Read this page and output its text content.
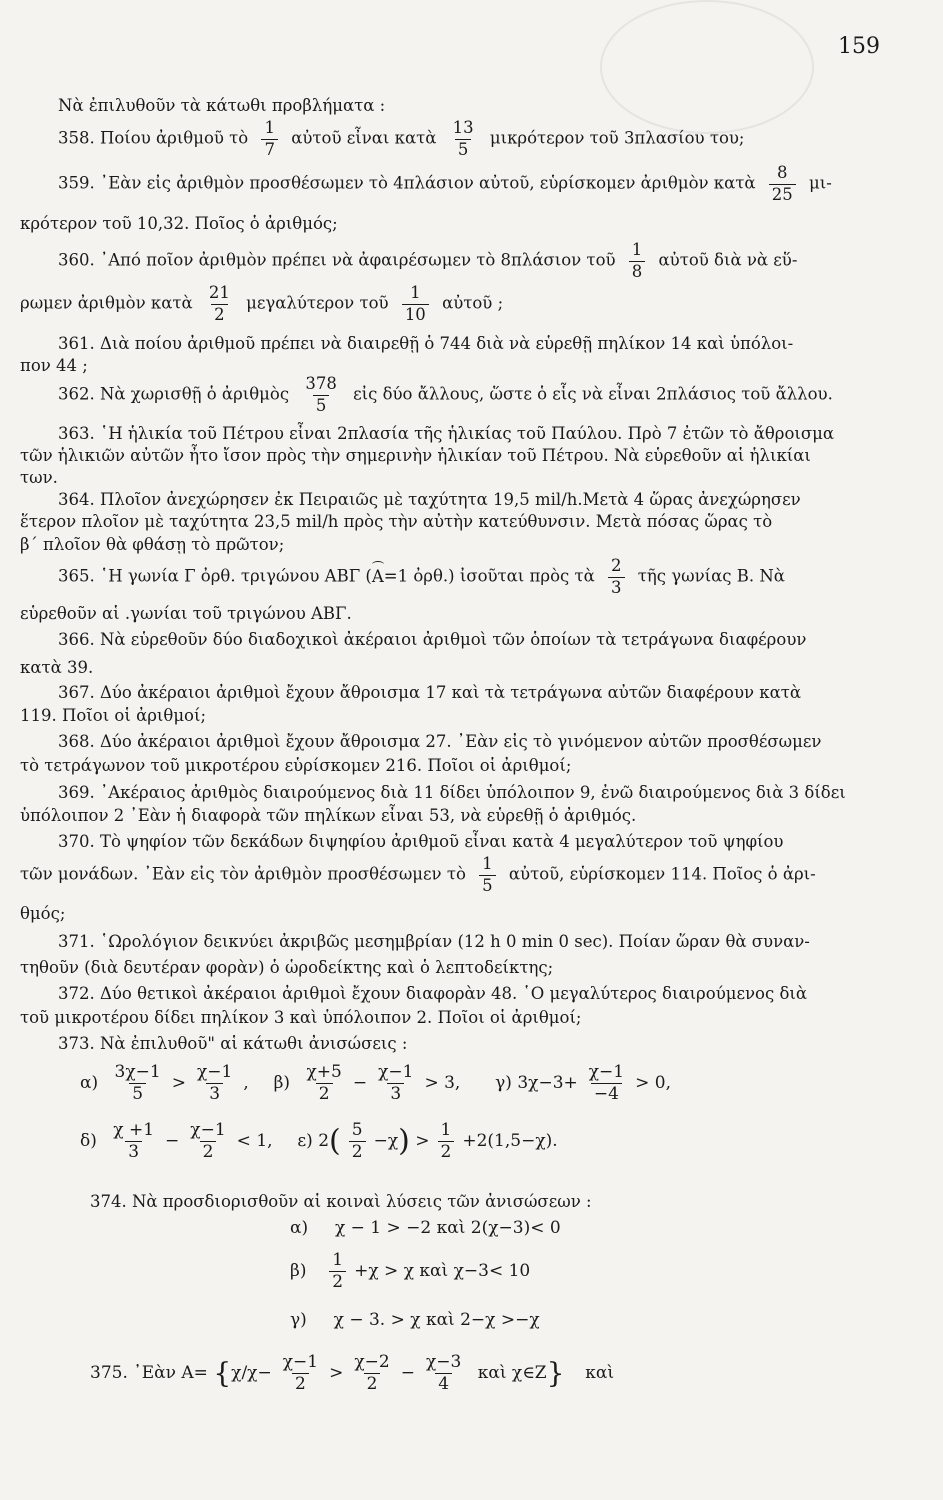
159
Νὰ ἐπιλυθοῦν τὰ κάτωθι προβλήματα :
358. Ποίου ἀριθμοῦ τὸ $\frac{1}{7}$ αὐτοῦ εἶναι κατὰ $\frac{13}{5}$ μικρότερον τοῦ 3πλασίου του;
359. ᾽Εὰν εἰς ἀριθμὸν προσθέσωμεν τὸ 4πλάσιον αὐτοῦ, εὑρίσκομεν ἀριθμὸν κατὰ $\frac{8}{25} \mu\iota-$
κρότερον τοῦ 10,32. Ποῖος ὁ ἀριθμός;
360. ᾽Από ποῖον ἀριθμὸν πρέπει νὰ ἀφαιρέσωμεν τὸ 8πλάσιον τοῦ $\frac{1}{8}$ αὐτοῦ διὰ νὰ εὕ-
ρωμεν ἀριθμὸν κατὰ $\frac{21}{2}$ μεγαλύτερον τοῦ $\frac{1}{10}$ αὐτοῦ ;
361. Διὰ ποίου ἀριθμοῦ πρέπει νὰ διαιρεθῇ ὁ 744 διὰ νὰ εὑρεθῇ πηλίκον 14 καὶ ὑπόλοι-
πον 44 ;
362. Νὰ χωρισθῇ ὁ ἀριθμὸς $\frac{378}{5}$ εἰς δύο ἄλλους, ὥστε ὁ εἷς νὰ εἶναι 2πλάσιος τοῦ ἄλλου.
363. ῾Η ἡλικία τοῦ Πέτρου εἶναι 2πλασία τῆς ἡλικίας τοῦ Παύλου. Πρὸ 7 ἐτῶν τὸ ἄθροισμα
τῶν ἡλικιῶν αὐτῶν ἦτο ἴσον πρὸς τὴν σημερινὴν ἡλικίαν τοῦ Πέτρου. Νὰ εὑρεθοῦν αἱ ἡλικίαι
των.
364. Πλοῖον ἀνεχώρησεν ἐκ Πειραιῶς μὲ ταχύτητα 19,5 mil/h.Μετὰ 4 ὥρας ἀνεχώρησεν
ἕτερον πλοῖον μὲ ταχύτητα 23,5 mil/h πρὸς τὴν αὐτὴν κατεύθυνσιν. Μετὰ πόσας ὥρας τὸ
β΄ πλοῖον θὰ φθάσῃ τὸ πρῶτον;
365. ῾Η γωνία Γ ὀρθ. τριγώνου ΑΒΓ (A=1 ὀρθ.) ἰσοῦται πρὸς τὰ $\frac{2}{3}$ τῆς γωνίας Β. Νὰ
εὑρεθοῦν αἱ .γωνίαι τοῦ τριγώνου ΑΒΓ.
366. Νὰ εὑρεθοῦν δύο διαδοχικοὶ ἀκέραιοι ἀριθμοὶ τῶν ὁποίων τὰ τετράγωνα διαφέρουν
κατὰ 39.
367. Δύο ἀκέραιοι ἀριθμοὶ ἔχουν ἄθροισμα 17 καὶ τὰ τετράγωνα αὐτῶν διαφέρουν κατὰ
119. Ποῖοι οἱ ἀριθμοί;
368. Δύο ἀκέραιοι ἀριθμοὶ ἔχουν ἄθροισμα 27. ᾽Εὰν εἰς τὸ γινόμενον αὐτῶν προσθέσωμεν
τὸ τετράγωνον τοῦ μικροτέρου εὑρίσκομεν 216. Ποῖοι οἱ ἀριθμοί;
369. ᾽Ακέραιος ἀριθμὸς διαιρούμενος διὰ 11 δίδει ὑπόλοιπον 9, ἐνῶ διαιρούμενος διὰ 3 δίδει
ὑπόλοιπον 2 ᾽Εὰν ἡ διαφορὰ τῶν πηλίκων εἶναι 53, νὰ εὑρεθῇ ὁ ἀριθμός.
370. Τὸ ψηφίον τῶν δεκάδων διψηφίου ἀριθμοῦ εἶναι κατὰ 4 μεγαλύτερον τοῦ ψηφίου
τῶν μονάδων. ᾽Εὰν εἰς τὸν ἀριθμὸν προσθέσωμεν τὸ $\frac{1}{5}$ αὐτοῦ, εὑρίσκομεν 114. Ποῖος ὁ ἀρι-
θμός;
371. ῾Ωρολόγιον δεικνύει ἀκριβῶς μεσημβρίαν (12 h 0 min 0 sec). Ποίαν ὥραν θὰ συναν-
τηθοῦν (διὰ δευτέραν φορὰν) ὁ ὡροδείκτης καὶ ὁ λεπτοδείκτης;
372. Δύο θετικοὶ ἀκέραιοι ἀριθμοὶ ἔχουν διαφορὰν 48. ῾Ο μεγαλύτερος διαιρούμενος διὰ
τοῦ μικροτέρου δίδει πηλίκον 3 καὶ ὑπόλοιπον 2. Ποῖοι οἱ ἀριθμοί;
373. Νὰ ἐπιλυθοῦ" αἱ κάτωθι ἀνισώσεις :
$\alpha) \frac{3\chi-1}{5} > \frac{\chi-1}{3}$ , $\beta) \frac{\chi+5}{2} - \frac{\chi-1}{3} > 3$, γ) $3\chi-3+ \frac{\chi-1}{-4} > 0$,
$\delta) \frac{\chi +1}{3} - \frac{\chi-1}{2} < 1$, ε) $2( \frac{5}{2} -\chi) > \frac{1}{2} +2(1,5-\chi)$.
374. Νὰ προσδιορισθοῦν αἱ κοιναὶ λύσεις τῶν ἀνισώσεων :
α) χ − 1 > −2 καὶ 2(χ−3)< 0
$\beta) \frac{1}{2} +\chi > \chi$ καὶ χ−3< 10
γ) χ − 3. > χ καὶ 2−χ >−χ
375. ᾽Εὰν $A= \{\chi/\chi- \frac{\chi-1}{2} > \frac{\chi-2}{2} - \frac{\chi-3}{4}$ καὶ χ∈Ζ} καὶ
